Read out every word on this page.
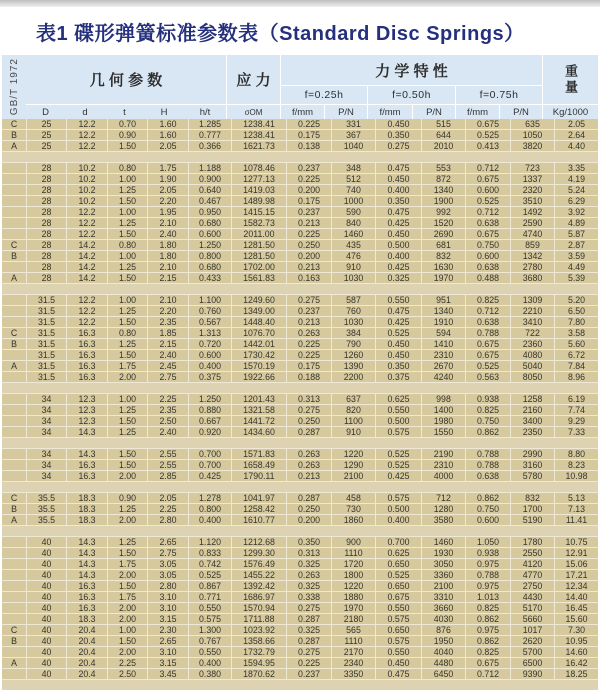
表1 碟形弹簧标准参数表（Standard Disc Springs）
GB/T 1972	几 何 参 数	应 力
力 学 特 性	重量
f=0.25h	f=0.50h	f=0.75h
D	d	t	H	h/t	σOM	f/mm	P/N	f/mm	P/N	f/mm	P/N	Kg/1000
C	25	12.2	0.70	1.60	1.285	1238.41	0.225	331	0.450	515	0.675	635	2.05
B	25	12.2	0.90	1.60	0.777	1238.41	0.175	367	0.350	644	0.525	1050	2.64
A	25	12.2	1.50	2.05	0.366	1621.73	0.138	1040	0.275	2010	0.413	3820	4.40
28	10.2	0.80	1.75	1.188	1078.46	0.237	348	0.475	553	0.712	723	3.35
28	10.2	1.00	1.90	0.900	1277.13	0.225	512	0.450	872	0.675	1337	4.19
28	10.2	1.25	2.05	0.640	1419.03	0.200	740	0.400	1340	0.600	2320	5.24
28	10.2	1.50	2.20	0.467	1489.98	0.175	1000	0.350	1900	0.525	3510	6.29
28	12.2	1.00	1.95	0.950	1415.15	0.237	590	0.475	992	0.712	1492	3.92
28	12.2	1.25	2.10	0.680	1582.73	0.213	840	0.425	1520	0.638	2590	4.89
28	12.2	1.50	2.40	0.600	2011.00	0.225	1460	0.450	2690	0.675	4740	5.87
C	28	14.2	0.80	1.80	1.250	1281.50	0.250	435	0.500	681	0.750	859	2.87
B	28	14.2	1.00	1.80	0.800	1281.50	0.200	476	0.400	832	0.600	1342	3.59
28	14.2	1.25	2.10	0.680	1702.00	0.213	910	0.425	1630	0.638	2780	4.49
A	28	14.2	1.50	2.15	0.433	1561.83	0.163	1030	0.325	1970	0.488	3680	5.39
31.5	12.2	1.00	2.10	1.100	1249.60	0.275	587	0.550	951	0.825	1309	5.20
31.5	12.2	1.25	2.20	0.760	1349.00	0.237	760	0.475	1340	0.712	2210	6.50
31.5	12.2	1.50	2.35	0.567	1448.40	0.213	1030	0.425	1910	0.638	3410	7.80
C	31.5	16.3	0.80	1.85	1.313	1076.70	0.263	384	0.525	594	0.788	722	3.58
B	31.5	16.3	1.25	2.15	0.720	1442.01	0.225	790	0.450	1410	0.675	2360	5.60
31.5	16.3	1.50	2.40	0.600	1730.42	0.225	1260	0.450	2310	0.675	4080	6.72
A	31.5	16.3	1.75	2.45	0.400	1570.19	0.175	1390	0.350	2670	0.525	5040	7.84
31.5	16.3	2.00	2.75	0.375	1922.66	0.188	2200	0.375	4240	0.563	8050	8.96
34	12.3	1.00	2.25	1.250	1201.43	0.313	637	0.625	998	0.938	1258	6.19
34	12.3	1.25	2.35	0.880	1321.58	0.275	820	0.550	1400	0.825	2160	7.74
34	12.3	1.50	2.50	0.667	1441.72	0.250	1100	0.500	1980	0.750	3400	9.29
34	14.3	1.25	2.40	0.920	1434.60	0.287	910	0.575	1550	0.862	2350	7.33
34	14.3	1.50	2.55	0.700	1571.83	0.263	1220	0.525	2190	0.788	2990	8.80
34	16.3	1.50	2.55	0.700	1658.49	0.263	1290	0.525	2310	0.788	3160	8.23
34	16.3	2.00	2.85	0.425	1790.11	0.213	2100	0.425	4000	0.638	5780	10.98
C	35.5	18.3	0.90	2.05	1.278	1041.97	0.287	458	0.575	712	0.862	832	5.13
B	35.5	18.3	1.25	2.25	0.800	1258.42	0.250	730	0.500	1280	0.750	1700	7.13
A	35.5	18.3	2.00	2.80	0.400	1610.77	0.200	1860	0.400	3580	0.600	5190	11.41
40	14.3	1.25	2.65	1.120	1212.68	0.350	900	0.700	1460	1.050	1780	10.75
40	14.3	1.50	2.75	0.833	1299.30	0.313	1110	0.625	1930	0.938	2550	12.91
40	14.3	1.75	3.05	0.742	1576.49	0.325	1720	0.650	3050	0.975	4120	15.06
40	14.3	2.00	3.05	0.525	1455.22	0.263	1800	0.525	3360	0.788	4770	17.21
40	16.3	1.50	2.80	0.867	1392.42	0.325	1220	0.650	2100	0.975	2750	12.34
40	16.3	1.75	3.10	0.771	1686.97	0.338	1880	0.675	3310	1.013	4430	14.40
40	16.3	2.00	3.10	0.550	1570.94	0.275	1970	0.550	3660	0.825	5170	16.45
40	18.3	2.00	3.15	0.575	1711.88	0.287	2180	0.575	4030	0.862	5660	15.60
C	40	20.4	1.00	2.30	1.300	1023.92	0.325	565	0.650	876	0.975	1017	7.30
B	40	20.4	1.50	2.65	0.767	1358.66	0.287	1110	0.575	1950	0.862	2620	10.95
40	20.4	2.00	3.10	0.550	1732.79	0.275	2170	0.550	4040	0.825	5700	14.60
A	40	20.4	2.25	3.15	0.400	1594.95	0.225	2340	0.450	4480	0.675	6500	16.42
40	20.4	2.50	3.45	0.380	1870.62	0.237	3350	0.475	6450	0.712	9390	18.25
